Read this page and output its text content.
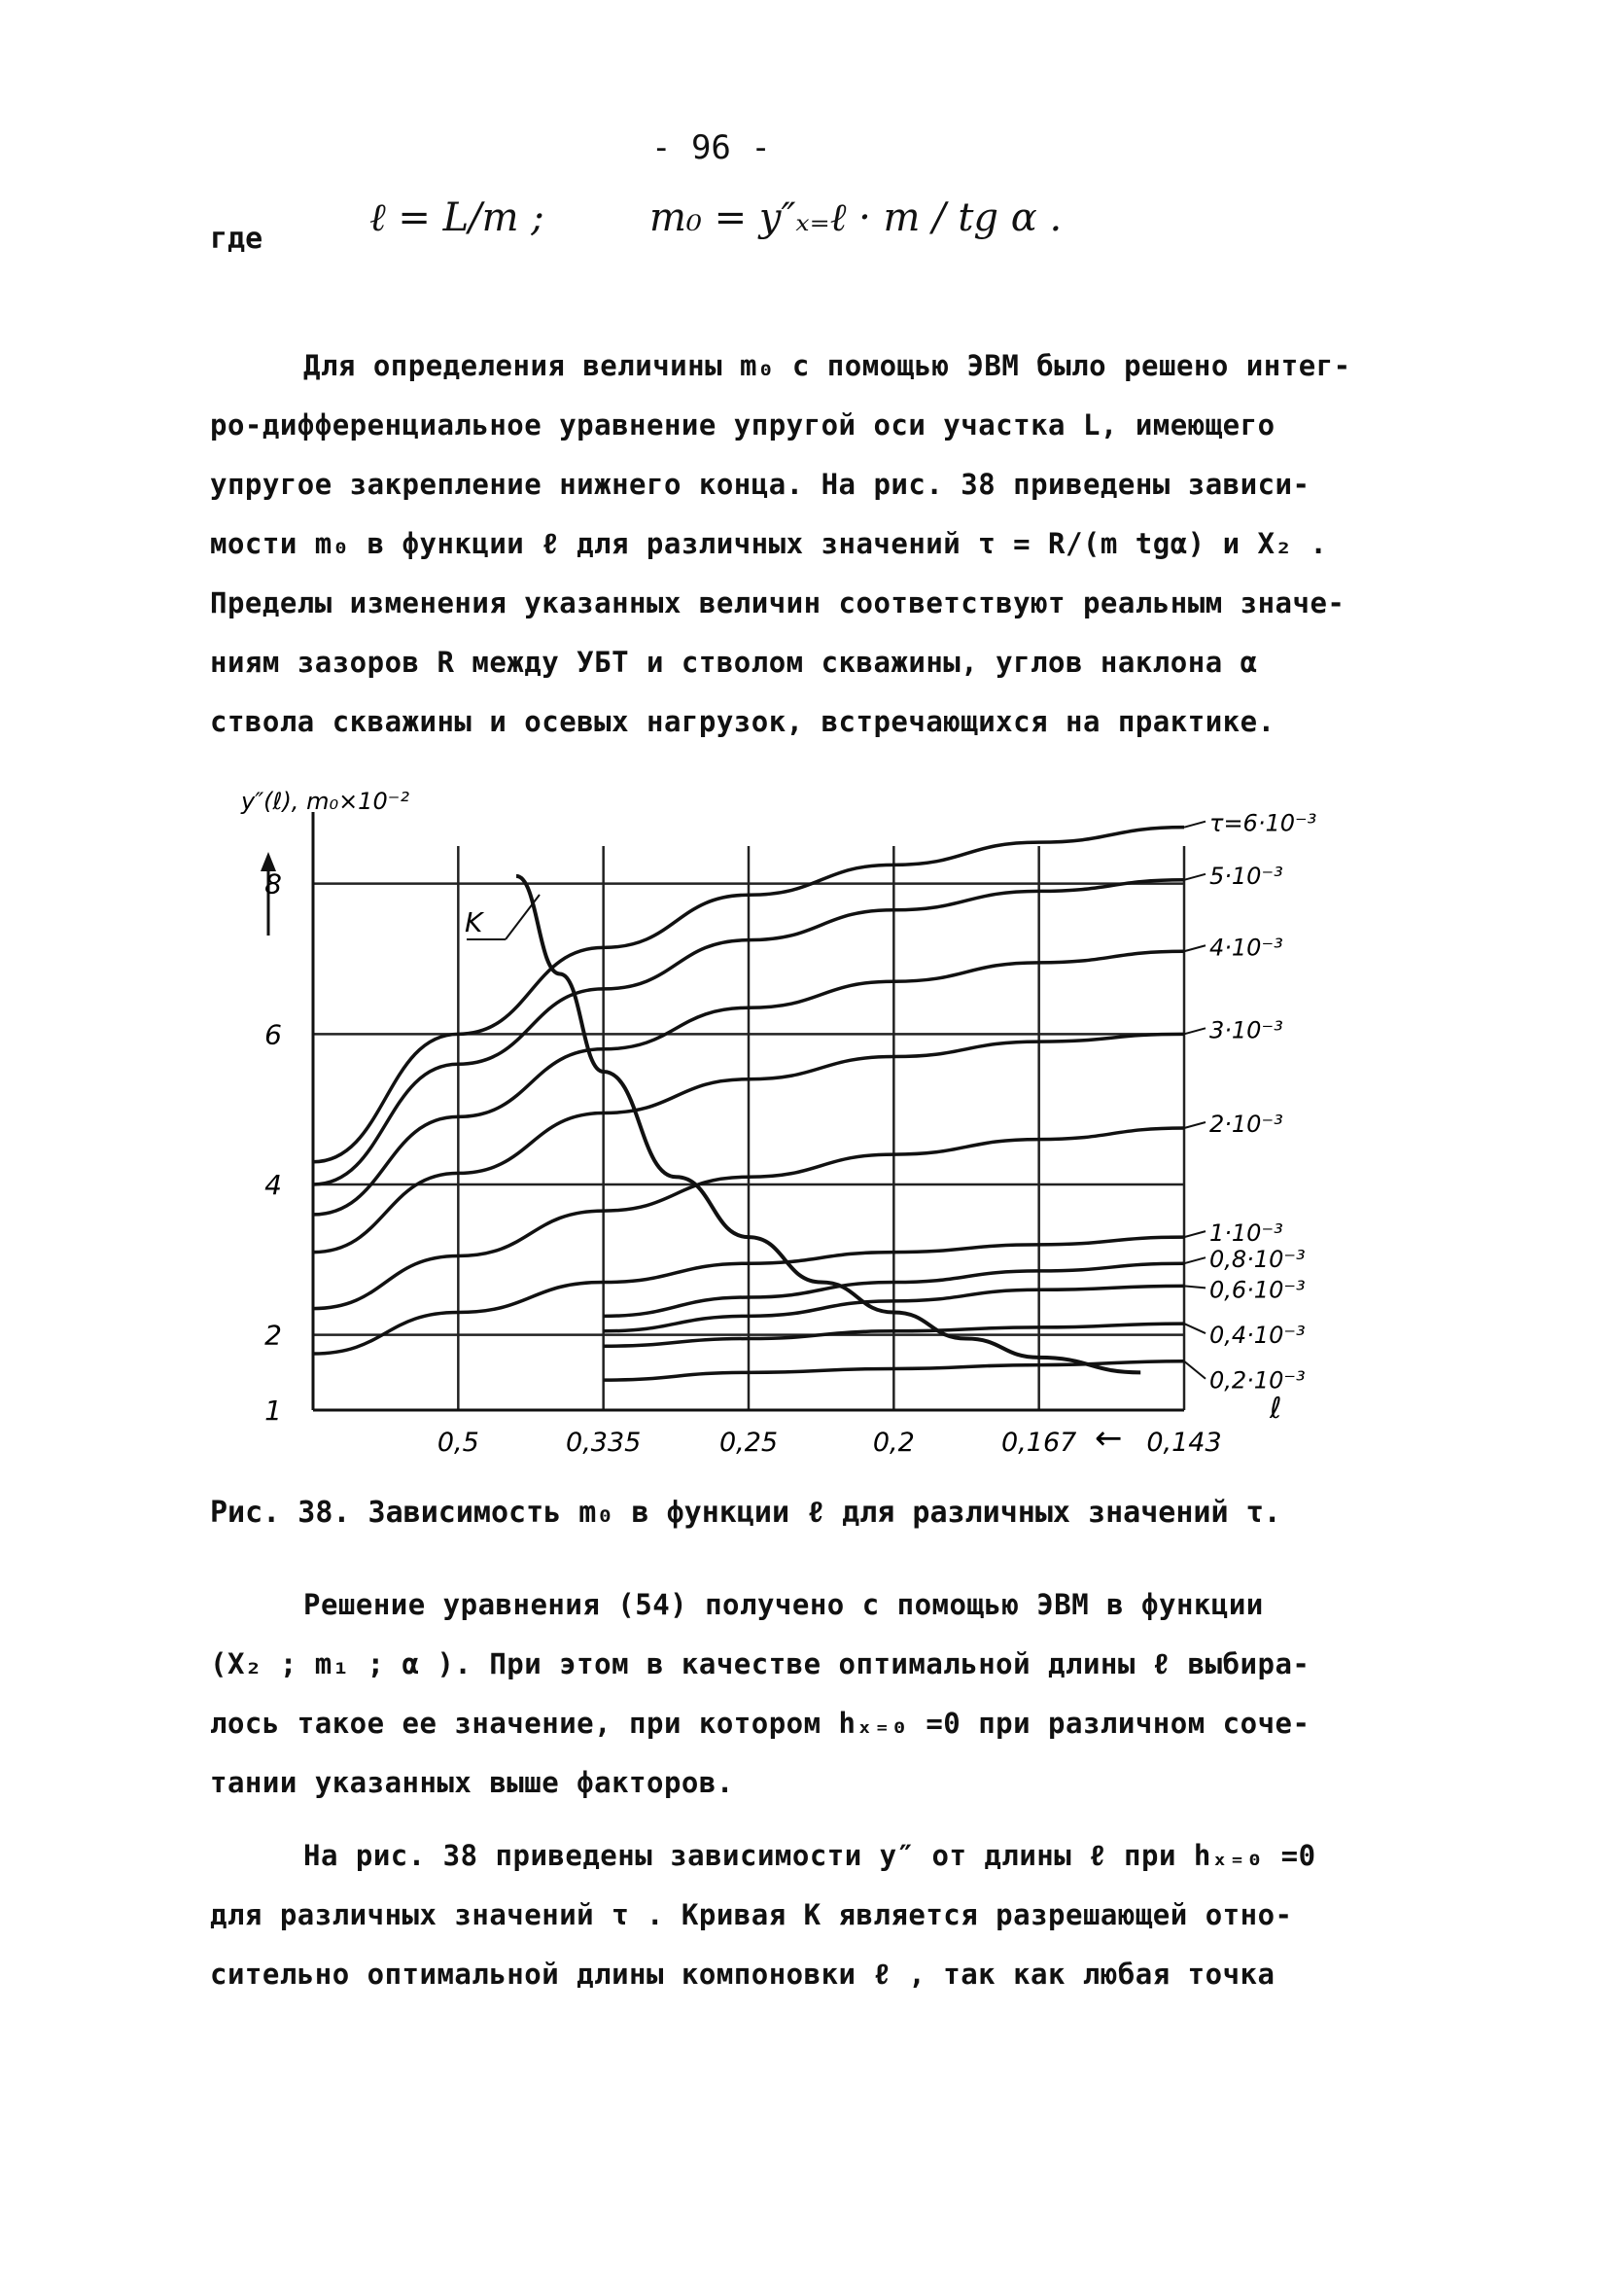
- 96 -
где	ℓ = L/m ;	m₀ = y″ₓ₌ℓ · m / tg α .
Для определения величины m₀ с помощью ЭВМ было решено интег-
ро-дифференциальное уравнение упругой оси участка L, имеющего
упругое закрепление нижнего конца. На рис. 38 приведены зависи-
мости m₀ в функции ℓ для различных значений τ = R/(m tgα) и X₂ .
Пределы изменения указанных величин соответствуют реальным значе-
ниям зазоров R между УБТ и стволом скважины, углов наклона α
ствола скважины и осевых нагрузок, встречающихся на практике.
1
2
4
6
8
0,5	0,335	0,25	0,2	0,167	0,143
τ=6·10⁻³
5·10⁻³
4·10⁻³
3·10⁻³
2·10⁻³
1·10⁻³
0,8·10⁻³
0,6·10⁻³
0,4·10⁻³
0,2·10⁻³
K
y″(ℓ), m₀×10⁻²
ℓ
←
Рис. 38. Зависимость m₀ в функции ℓ для различных значений τ.
Решение уравнения (54) получено с помощью ЭВМ в функции
(X₂ ; m₁ ; α ). При этом в качестве оптимальной длины ℓ выбира-
лось такое ее значение, при котором hₓ₌₀ =0 при различном соче-
тании указанных выше факторов.
На рис. 38 приведены зависимости y″ от длины ℓ при hₓ₌₀ =0
для различных значений τ . Кривая K является разрешающей отно-
сительно оптимальной длины компоновки ℓ , так как любая точка
